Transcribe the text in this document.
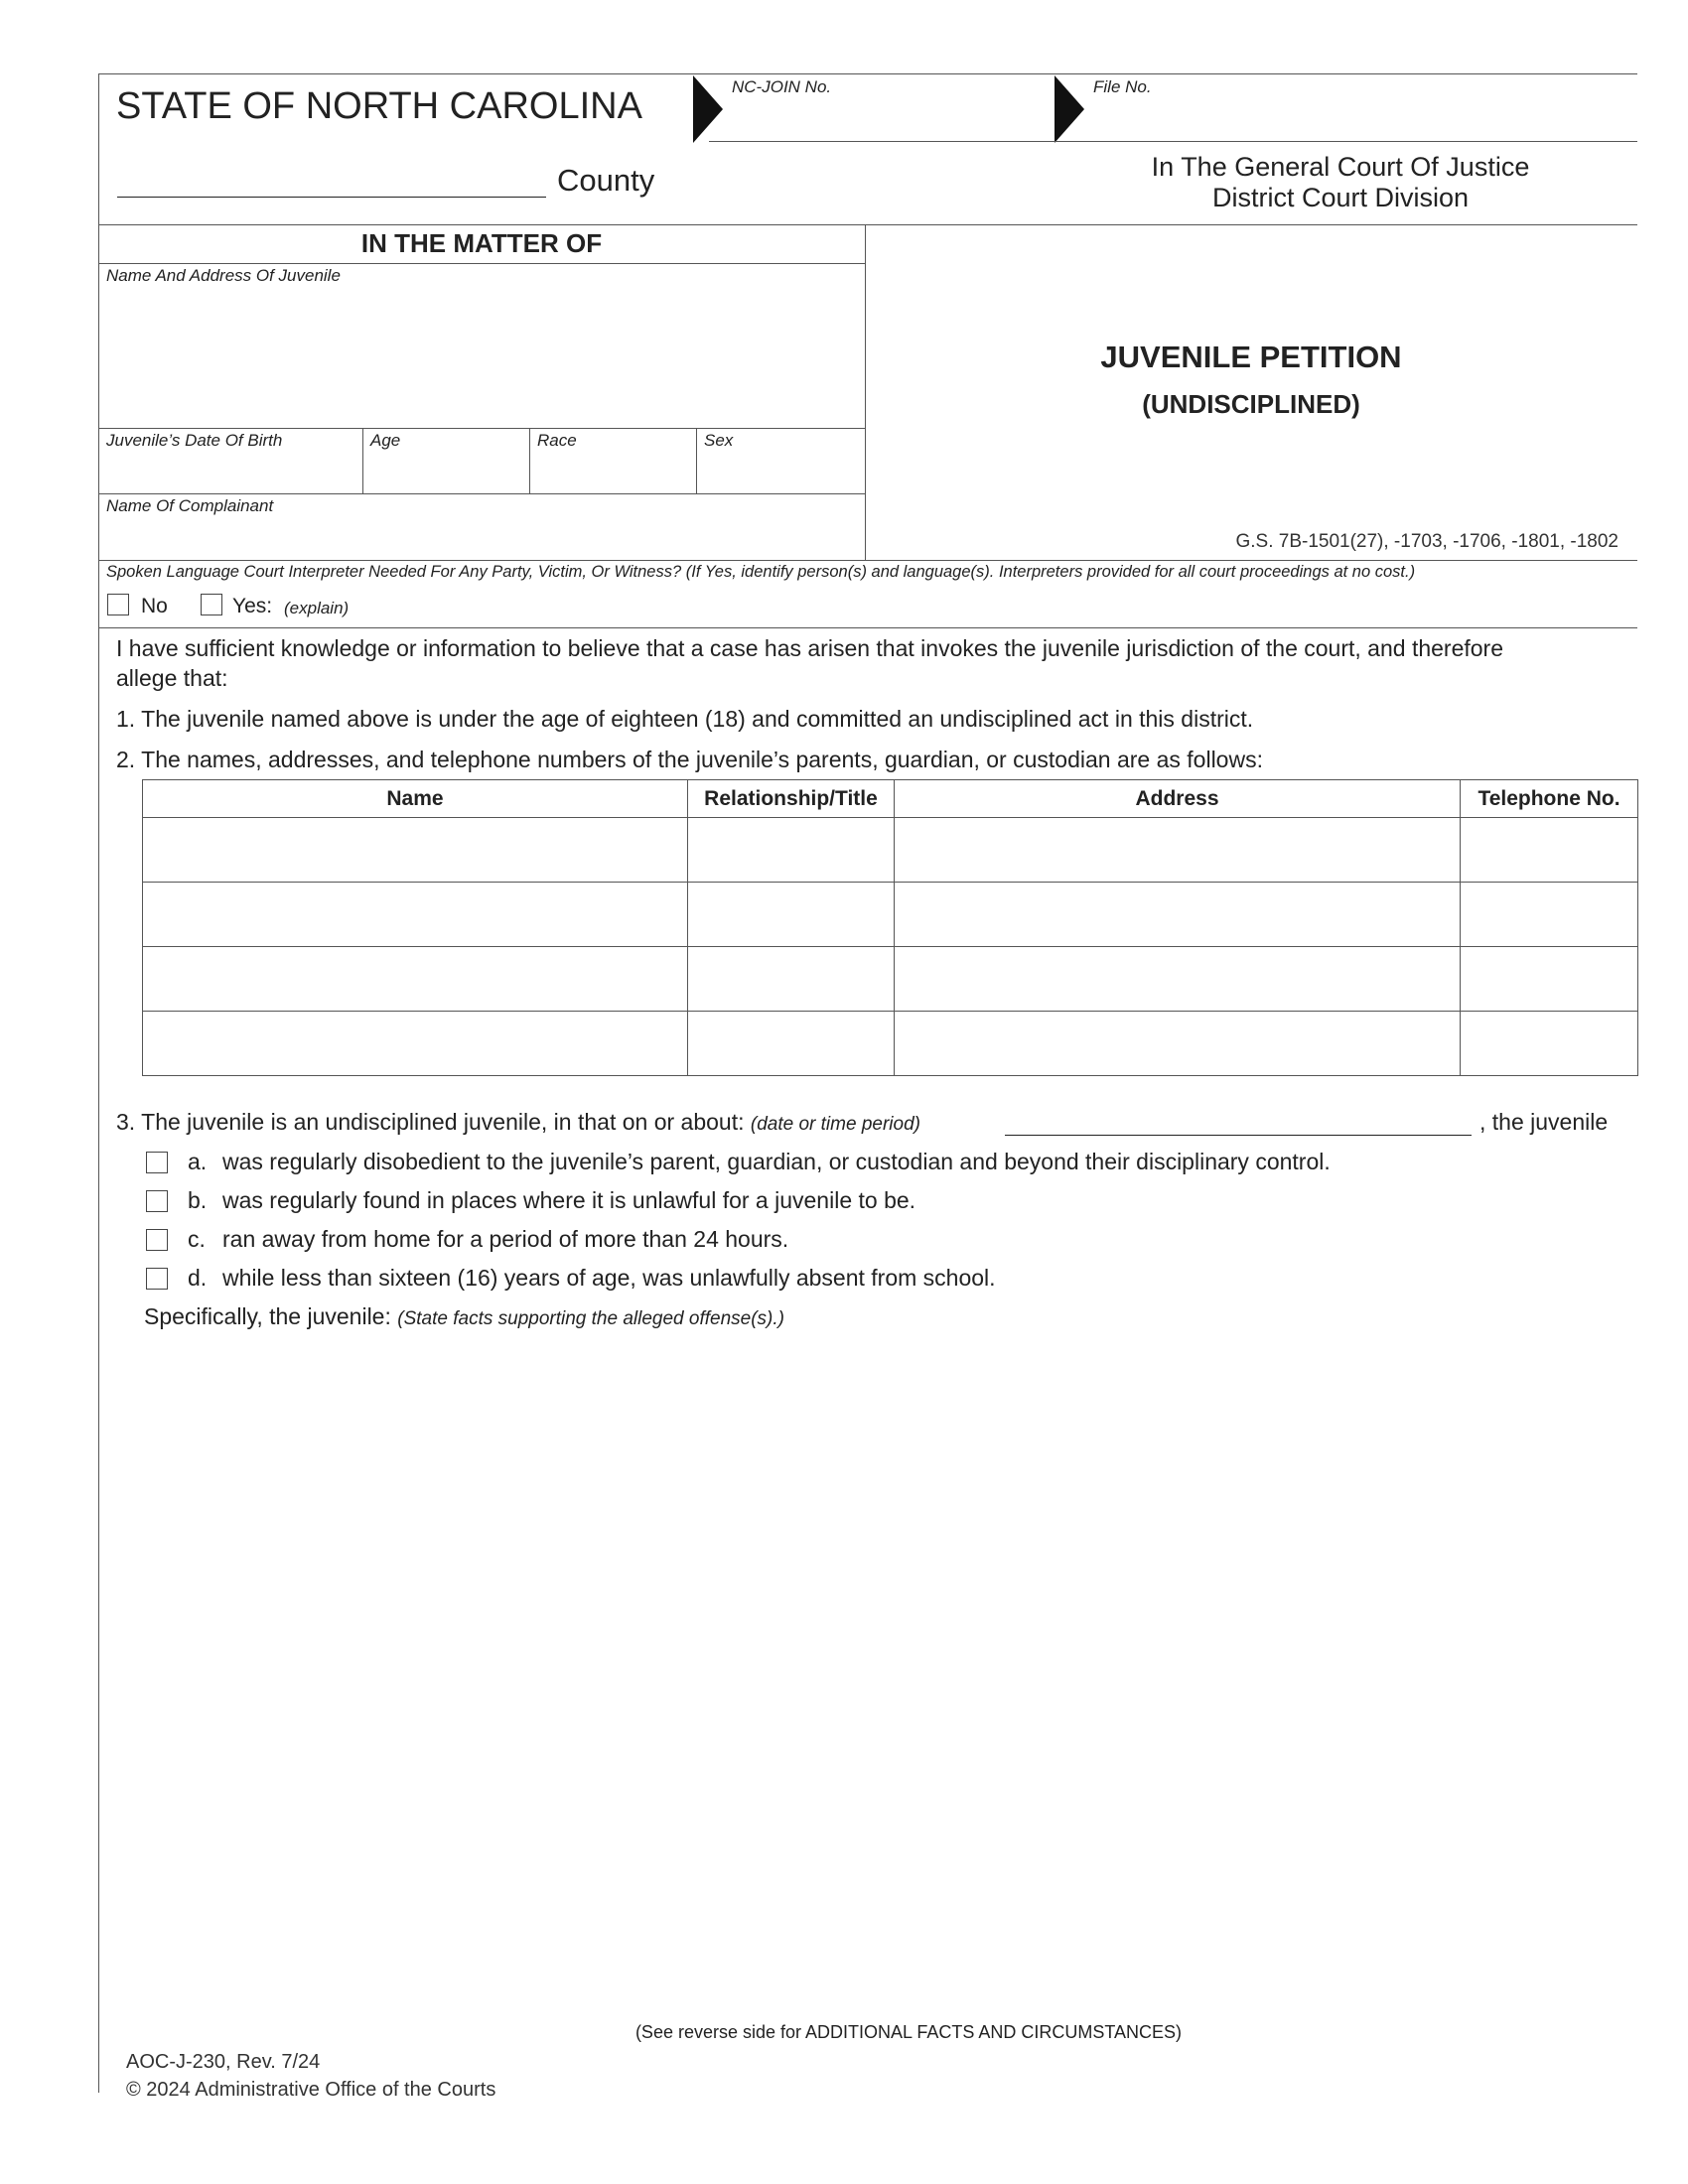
STATE OF NORTH CAROLINA	NC-JOIN No.	File No.
County	In The General Court Of Justice
District Court Division
IN THE MATTER OF
Name And Address Of Juvenile
Juvenile’s Date Of Birth	Age	Race	Sex
Name Of Complainant
JUVENILE PETITION
(UNDISCIPLINED)
G.S. 7B-1501(27), -1703, -1706, -1801, -1802
Spoken Language Court Interpreter Needed For Any Party, Victim, Or Witness? (If Yes, identify person(s) and language(s). Interpreters provided for all court proceedings at no cost.)
No	Yes: (explain)
I have sufficient knowledge or information to believe that a case has arisen that invokes the juvenile jurisdiction of the court, and therefore
allege that:
1. The juvenile named above is under the age of eighteen (18) and committed an undisciplined act in this district.
2. The names, addresses, and telephone numbers of the juvenile’s parents, guardian, or custodian are as follows:
Name	Relationship/Title	Address	Telephone No.

3. The juvenile is an undisciplined juvenile, in that on or about: (date or time period)	, the juvenile
a. was regularly disobedient to the juvenile’s parent, guardian, or custodian and beyond their disciplinary control.
b. was regularly found in places where it is unlawful for a juvenile to be.
c. ran away from home for a period of more than 24 hours.
d. while less than sixteen (16) years of age, was unlawfully absent from school.
Specifically, the juvenile: (State facts supporting the alleged offense(s).)
(See reverse side for ADDITIONAL FACTS AND CIRCUMSTANCES)
AOC-J-230, Rev. 7/24
© 2024 Administrative Office of the Courts
